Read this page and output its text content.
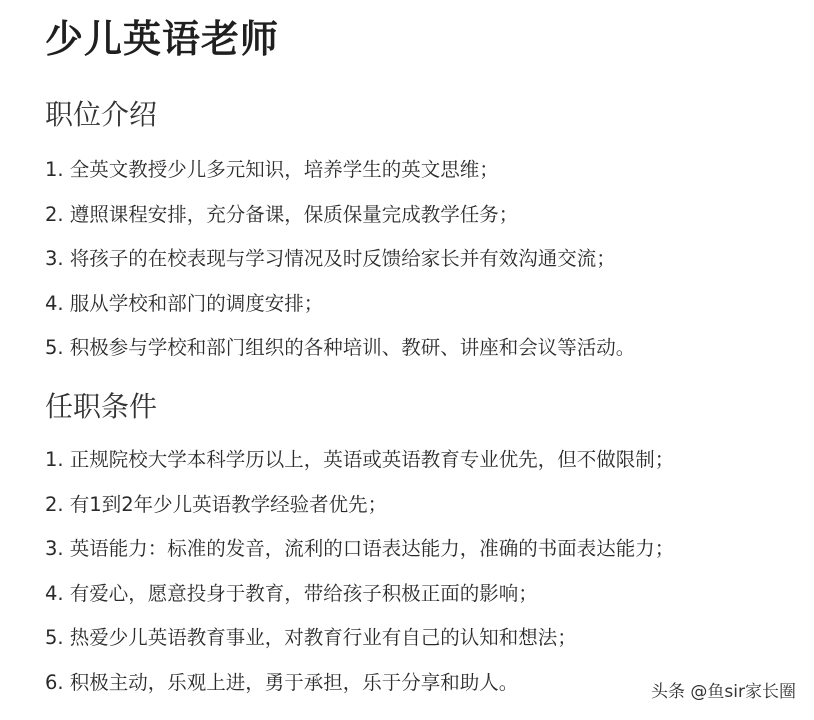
少儿英语老师
职位介绍
1. 全英文教授少儿多元知识，培养学生的英文思维；
2. 遵照课程安排，充分备课，保质保量完成教学任务；
3. 将孩子的在校表现与学习情况及时反馈给家长并有效沟通交流；
4. 服从学校和部门的调度安排；
5. 积极参与学校和部门组织的各种培训、教研、讲座和会议等活动。
任职条件
1. 正规院校大学本科学历以上，英语或英语教育专业优先，但不做限制；
2. 有1到2年少儿英语教学经验者优先；
3. 英语能力：标准的发音，流利的口语表达能力，准确的书面表达能力；
4. 有爱心，愿意投身于教育，带给孩子积极正面的影响；
5. 热爱少儿英语教育事业，对教育行业有自己的认知和想法；
6. 积极主动，乐观上进，勇于承担，乐于分享和助人。	头条 @鱼sir家长圈
